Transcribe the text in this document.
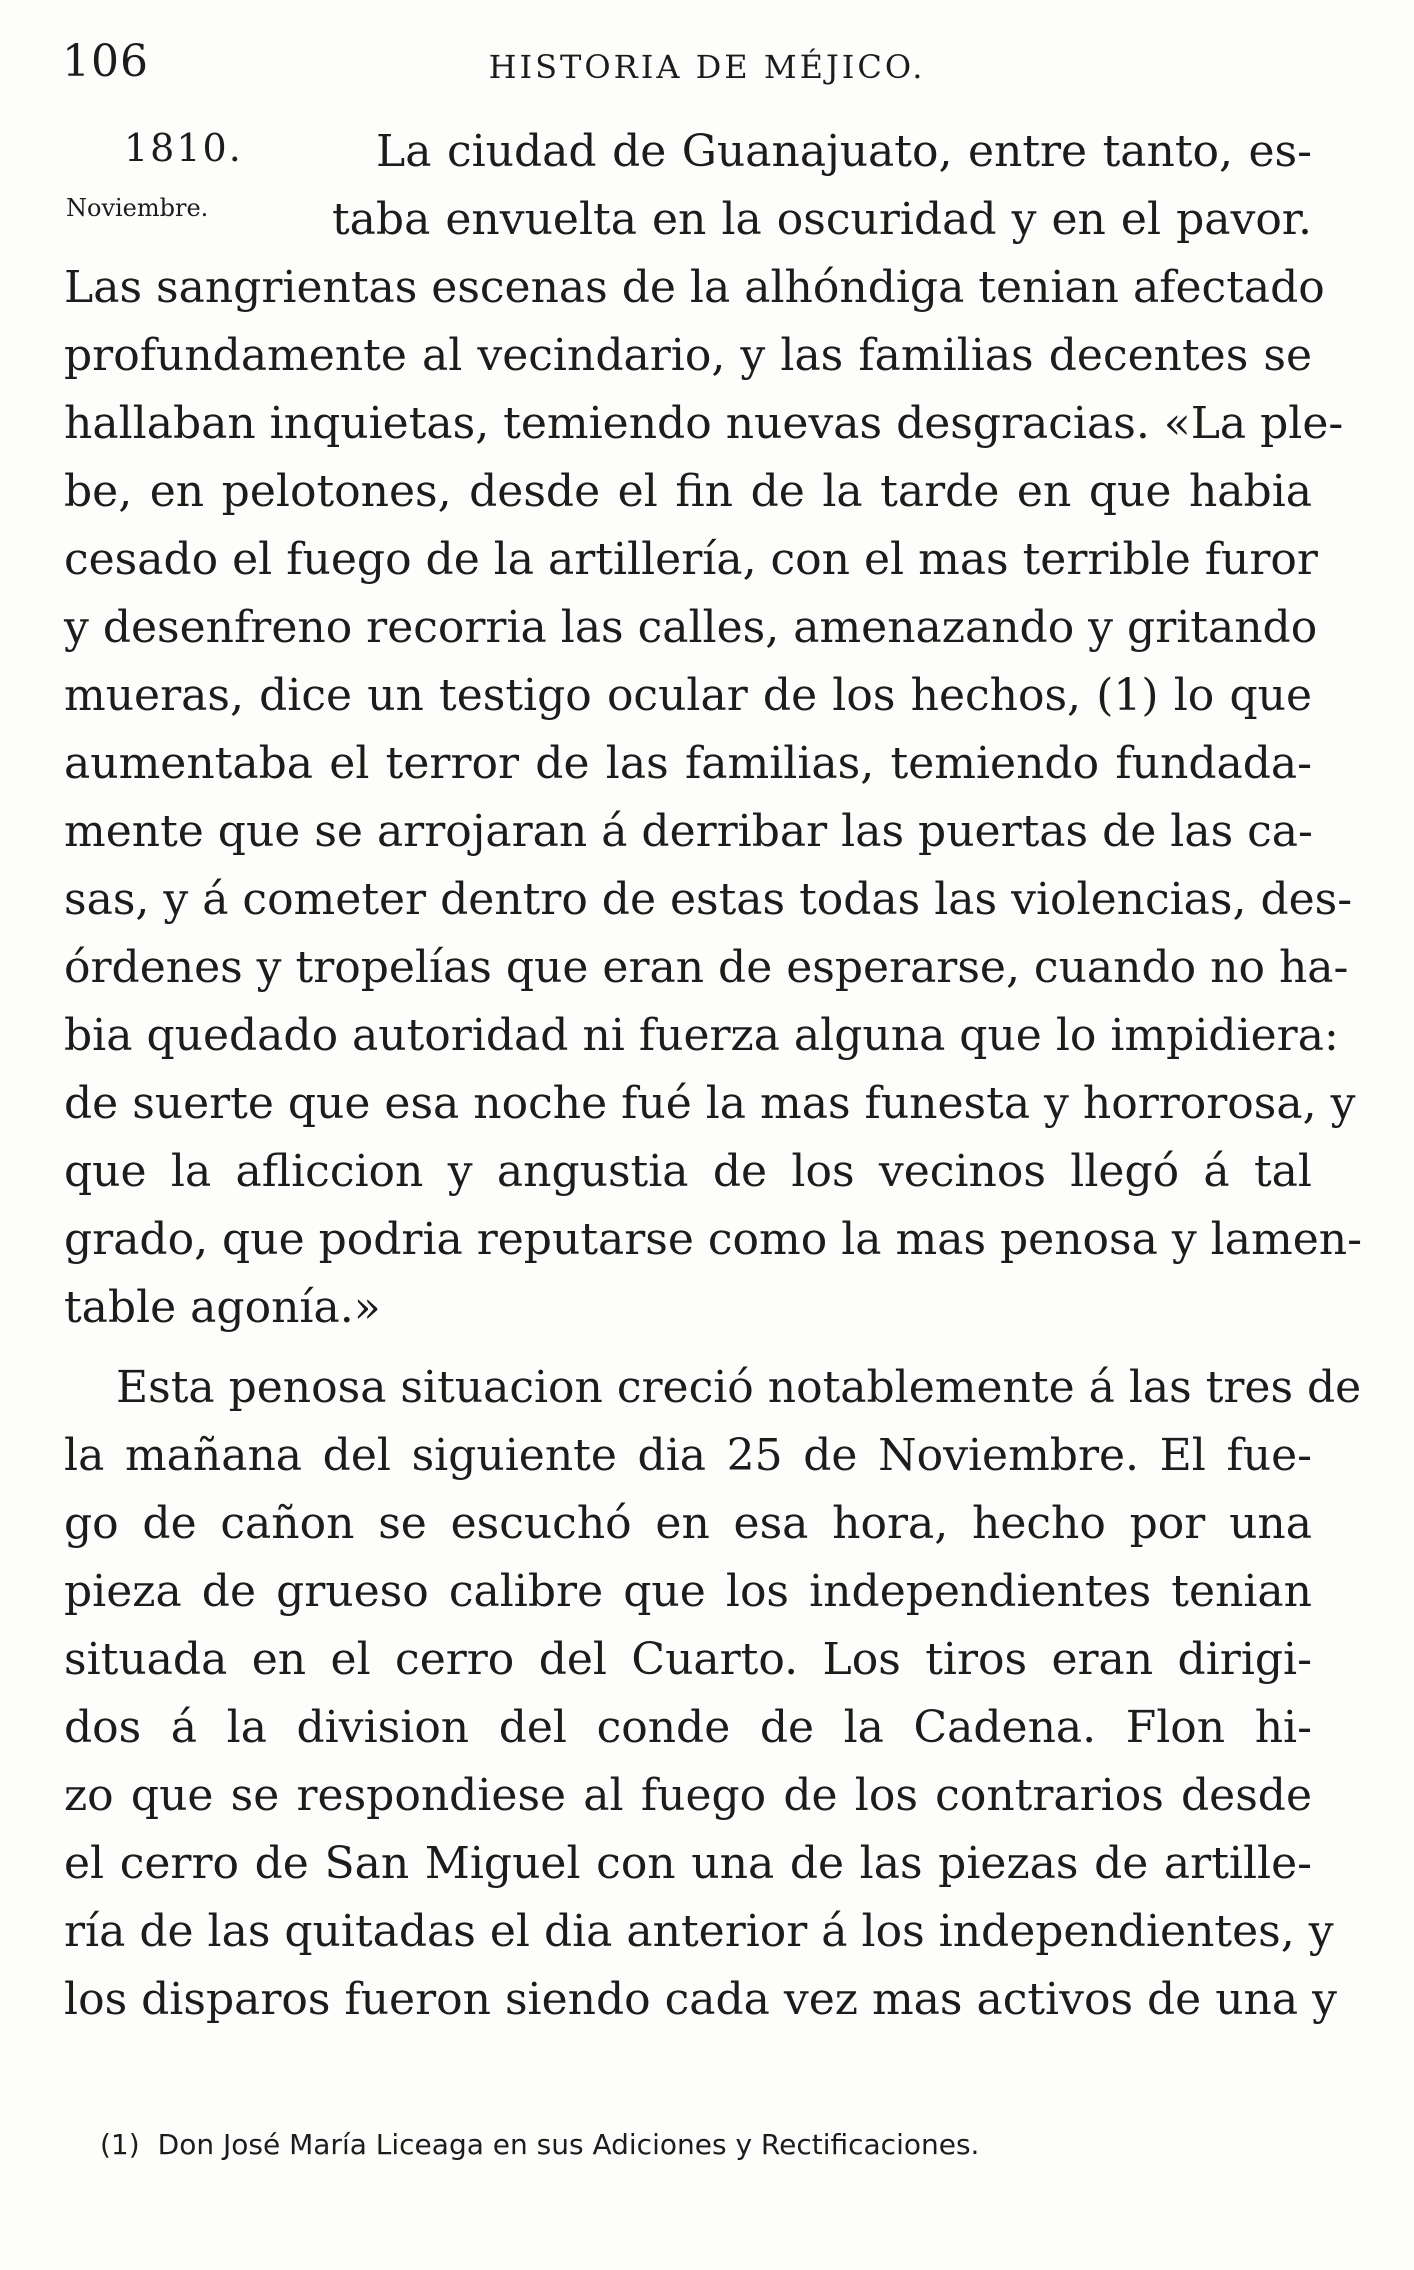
106	HISTORIA DE MÉJICO.
1810.
Noviembre.
La ciudad de Guanajuato, entre tanto, es-
taba envuelta en la oscuridad y en el pavor.
Las sangrientas escenas de la alhóndiga tenian afectado
profundamente al vecindario, y las familias decentes se
hallaban inquietas, temiendo nuevas desgracias. «La ple-
be, en pelotones, desde el fin de la tarde en que habia
cesado el fuego de la artillería, con el mas terrible furor
y desenfreno recorria las calles, amenazando y gritando
mueras, dice un testigo ocular de los hechos, (1) lo que
aumentaba el terror de las familias, temiendo fundada-
mente que se arrojaran á derribar las puertas de las ca-
sas, y á cometer dentro de estas todas las violencias, des-
órdenes y tropelías que eran de esperarse, cuando no ha-
bia quedado autoridad ni fuerza alguna que lo impidiera:
de suerte que esa noche fué la mas funesta y horrorosa, y
que la afliccion y angustia de los vecinos llegó á tal
grado, que podria reputarse como la mas penosa y lamen-
table agonía.»
Esta penosa situacion creció notablemente á las tres de
la mañana del siguiente dia 25 de Noviembre. El fue-
go de cañon se escuchó en esa hora, hecho por una
pieza de grueso calibre que los independientes tenian
situada en el cerro del Cuarto. Los tiros eran dirigi-
dos á la division del conde de la Cadena. Flon hi-
zo que se respondiese al fuego de los contrarios desde
el cerro de San Miguel con una de las piezas de artille-
ría de las quitadas el dia anterior á los independientes, y
los disparos fueron siendo cada vez mas activos de una y
(1) Don José María Liceaga en sus Adiciones y Rectificaciones.
